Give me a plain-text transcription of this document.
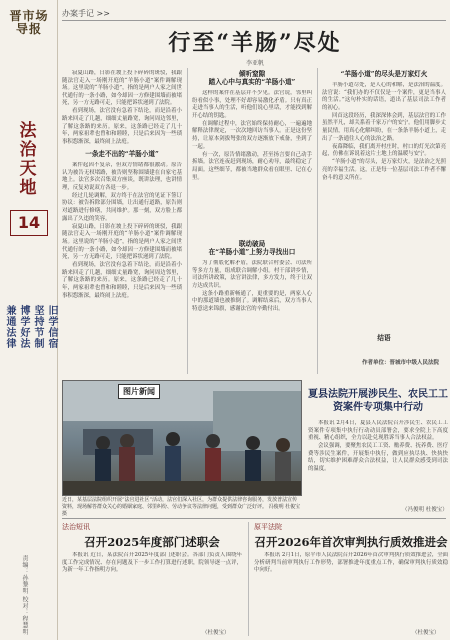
晋市场导报
法治天地
14
兼通法律 博学好法 坚持节制 旧学信宿
责编：孙黎明 校对：程慧明
办案手记 >>
行至“羊肠”尽处
李亚帆

寂夏山路，日影在坡上投下碎碎的斑驳，我跟随法官走入一场刚开庭的“羊肠小道”案件调解现场。这里说的“羊肠小道”，指的是两户人家之间世代通行的一条小路，如今却因一方修建围墙而被堵死，另一方无路可走，只能把诉状递到了法院。

看到现场，法官没有急着下结论，而是沿着小路来回走了几趟，细细丈量路宽，询问周边邻里，了解这条路的来历。原来，这条路已经走了几十年，两家祖辈也曾和和睦睦，只是后来因为一些琐事积怨渐深，最终闹上法庭。

一条走不出的“羊肠小道”

案件起因不复杂，但双方情绪都很激动。原告认为被告无权堵路，被告则坚称围墙建在自家宅基地上。法官多次召集双方座谈，既讲法理，也讲情理，反复劝说双方各退一步。

经过几轮调解，双方终于在法官的见证下签订协议：被告拆除部分围墙，让出通行道路，原告则对道路进行修缮，共同维护。那一刻，双方脸上都露出了久违的笑容。

寂夏山路，日影在坡上投下碎碎的斑驳，我跟随法官走入一场刚开庭的“羊肠小道”案件调解现场。这里说的“羊肠小道”，指的是两户人家之间世代通行的一条小路，如今却因一方修建围墙而被堵死，另一方无路可走，只能把诉状递到了法院。

看到现场，法官没有急着下结论，而是沿着小路来回走了几趟，细细丈量路宽，询问周边邻里，了解这条路的来历。原来，这条路已经走了几十年，两家祖辈也曾和和睦睦，只是后来因为一些琐事积怨渐深，最终闹上法庭。

倾听窒隙
踏入心中与真实的“羊肠小道”

这样的案件在基层并不少见。法官说，邻里纠纷看似小事，处理不好却容易激化矛盾。只有真正走进当事人的生活，听他们说心里话，才能找到解开心结的钥匙。

在调解过程中，法官始终保持耐心，一遍遍地解释法律规定，一次次地回访当事人。正是这份坚持，让原本剑拔弩张的双方逐渐放下戒备，坐到了一起。

有一次，原告情绪激动，甚至扬言要自己动手拆墙。法官连夜赶到现场，耐心劝导，最终稳定了局面。这些细节，都被当地群众看在眼里、记在心里。

联动破局
在“羊肠小道”上努力寻找出口

为了彻底化解矛盾，法院联合村委会、司法所等多方力量，组成联合调解小组。村干部讲乡情，司法所讲政策，法官讲法律，多方发力，终于让双方达成共识。

这条小路重新畅通了，更重要的是，两家人心中的那道墙也被推倒了。调解结束后，双方当事人特意送来锦旗，感谢法官的辛勤付出。

“羊肠小道”的尽头是万家灯火

羊肠小道尽处，是人心的和解，是法治的温度。法官说：“我们办的不仅仅是一个案件，更是当事人的生活。”这句朴实的话语，道出了基层司法工作者的初心。

回首这段经历，我深深体会到，基层法官的工作虽然平凡，却关系着千家万户的安宁。他们用脚步丈量民情，用真心化解纠纷，在一条条羊肠小道上，走出了一条通往人心的法治之路。

夜幕降临，我们离开村庄时，村口的灯光次第亮起，仿佛在诉说着这片土地上的温暖与安宁。

“羊肠小道”的尽头，是万家灯火，是法治之光照亮的幸福生活。这，正是每一位基层司法工作者不懈奋斗的意义所在。

结语
作者单位：晋城市中级人民法院
图片新闻
近日，某基层法院组织开展“法官进社区”活动，法官们深入社区，为群众提供法律咨询服务，发放普法宣传资料，现场解答群众关心的婚姻家庭、邻里纠纷、劳动争议等法律问题，受到群众广泛好评。 冯俊明 杜俊宝 摄
夏县法院开展涉民生、农民工工资案件专项集中行动

本报讯 2月4日，夏县人民法院召开涉民生、农民工工资案件专项集中执行行动动员部署会，要求全院上下高度重视、精心组织，全力以赴兑现胜诉当事人合法权益。

会议强调，要聚焦农民工工资、赡养费、抚养费、医疗费等涉民生案件，开展集中执行，做到应执尽执、快执快结，切实维护困难群众合法权益，让人民群众感受到司法的温度。

（冯俊明 杜俊宝）
法治短讯
召开2025年度部门述职会

本报讯 近日，某法院召开2025年度部门述职会。各部门负责人围绕年度工作完成情况、存在问题及下一步工作打算进行述职，院领导逐一点评，为新一年工作指明方向。

（杜俊宝）
原平法院
召开2026年首次审判执行质效推进会

本报讯 2月1日，原平市人民法院召开2026年首次审判执行质效推进会，全面分析研判当前审判执行工作形势，部署推进年度重点工作，确保审判执行质效稳中向好。

（杜俊宝）
